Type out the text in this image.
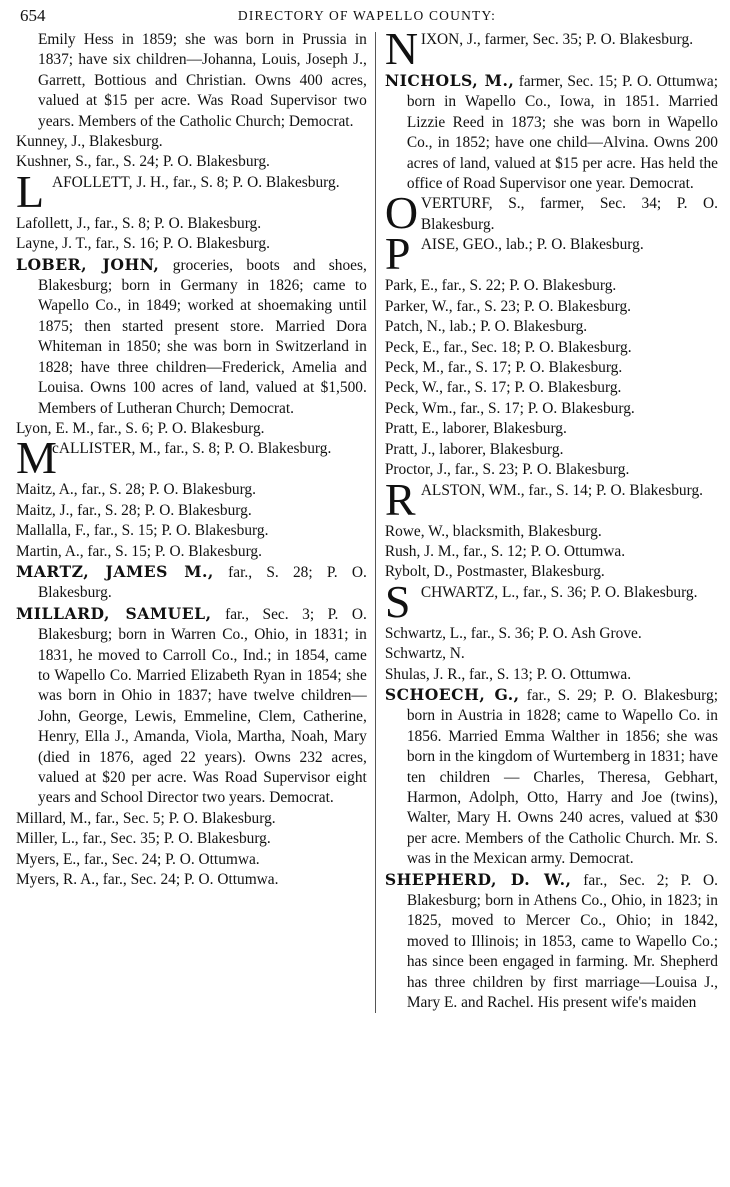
654	DIRECTORY OF WAPELLO COUNTY:

Emily Hess in 1859; she was born in Prussia in 1837; have six children—Johanna, Louis, Joseph J., Garrett, Bottious and Christian. Owns 400 acres, valued at $15 per acre. Was Road Supervisor two years. Members of the Catholic Church; Democrat.

Kunney, J., Blakesburg.

Kushner, S., far., S. 24; P. O. Blakesburg.

L AFOLLETT, J. H., far., S. 8; P. O. Blakesburg.

Lafollett, J., far., S. 8; P. O. Blakesburg.

Layne, J. T., far., S. 16; P. O. Blakesburg.

LOBER, JOHN, groceries, boots and shoes, Blakesburg; born in Germany in 1826; came to Wapello Co., in 1849; worked at shoemaking until 1875; then started present store. Married Dora Whiteman in 1850; she was born in Switzerland in 1828; have three children—Frederick, Amelia and Louisa. Owns 100 acres of land, valued at $1,500. Members of Lutheran Church; Democrat.

Lyon, E. M., far., S. 6; P. O. Blakesburg.

M
cALLISTER, M., far., S. 8; P. O. Blakesburg.

Maitz, A., far., S. 28; P. O. Blakesburg.

Maitz, J., far., S. 28; P. O. Blakesburg.

Mallalla, F., far., S. 15; P. O. Blakesburg.

Martin, A., far., S. 15; P. O. Blakesburg.

MARTZ, JAMES M., far., S. 28; P. O. Blakesburg.

MILLARD, SAMUEL, far., Sec. 3; P. O. Blakesburg; born in Warren Co., Ohio, in 1831; in 1831, he moved to Carroll Co., Ind.; in 1854, came to Wapello Co. Married Elizabeth Ryan in 1854; she was born in Ohio in 1837; have twelve children—John, George, Lewis, Emmeline, Clem, Catherine, Henry, Ella J., Amanda, Viola, Martha, Noah, Mary (died in 1876, aged 22 years). Owns 232 acres, valued at $20 per acre. Was Road Supervisor eight years and School Director two years. Democrat.

Millard, M., far., Sec. 5; P. O. Blakesburg.

Miller, L., far., Sec. 35; P. O. Blakesburg.

Myers, E., far., Sec. 24; P. O. Ottumwa.

Myers, R. A., far., Sec. 24; P. O. Ottumwa.

N IXON, J., farmer, Sec. 35; P. O. Blakesburg.

NICHOLS, M., farmer, Sec. 15; P. O. Ottumwa; born in Wapello Co., Iowa, in 1851. Married Lizzie Reed in 1873; she was born in Wapello Co., in 1852; have one child—Alvina. Owns 200 acres of land, valued at $15 per acre. Has held the office of Road Supervisor one year. Democrat.

O VERTURF, S., farmer, Sec. 34; P. O. Blakesburg.

P AISE, GEO., lab.; P. O. Blakesburg.

Park, E., far., S. 22; P. O. Blakesburg.

Parker, W., far., S. 23; P. O. Blakesburg.

Patch, N., lab.; P. O. Blakesburg.

Peck, E., far., Sec. 18; P. O. Blakesburg.

Peck, M., far., S. 17; P. O. Blakesburg.

Peck, W., far., S. 17; P. O. Blakesburg.

Peck, Wm., far., S. 17; P. O. Blakesburg.

Pratt, E., laborer, Blakesburg.

Pratt, J., laborer, Blakesburg.

Proctor, J., far., S. 23; P. O. Blakesburg.

R ALSTON, WM., far., S. 14; P. O. Blakesburg.

Rowe, W., blacksmith, Blakesburg.

Rush, J. M., far., S. 12; P. O. Ottumwa.

Rybolt, D., Postmaster, Blakesburg.

S CHWARTZ, L., far., S. 36; P. O. Blakesburg.

Schwartz, L., far., S. 36; P. O. Ash Grove.

Schwartz, N.

Shulas, J. R., far., S. 13; P. O. Ottumwa.

SCHOECH, G., far., S. 29; P. O. Blakesburg; born in Austria in 1828; came to Wapello Co. in 1856. Married Emma Walther in 1856; she was born in the kingdom of Wurtemberg in 1831; have ten children — Charles, Theresa, Gebhart, Harmon, Adolph, Otto, Harry and Joe (twins), Walter, Mary H. Owns 240 acres, valued at $30 per acre. Members of the Catholic Church. Mr. S. was in the Mexican army. Democrat.

SHEPHERD, D. W., far., Sec. 2; P. O. Blakesburg; born in Athens Co., Ohio, in 1823; in 1825, moved to Mercer Co., Ohio; in 1842, moved to Illinois; in 1853, came to Wapello Co.; has since been engaged in farming. Mr. Shepherd has three children by first marriage—Louisa J., Mary E. and Rachel. His present wife's maiden
